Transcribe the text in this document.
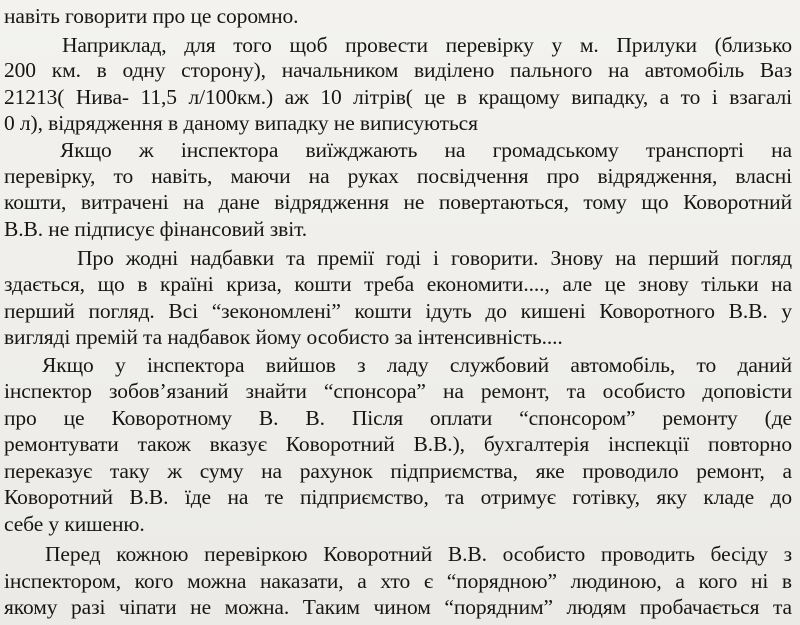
навіть говорити про це соромно.
Наприклад, для того щоб провести перевірку у м. Прилуки (близько
200 км. в одну сторону), начальником виділено пального на автомобіль Ваз
21213( Нива- 11,5 л/100км.) аж 10 літрів( це в кращому випадку, а то і взагалі
0 л), відрядження в даному випадку не виписуються
Якщо ж інспектора виїжджають на громадському транспорті на
перевірку, то навіть, маючи на руках посвідчення про відрядження, власні
кошти, витрачені на дане відрядження не повертаються, тому що Коворотний
В.В. не підписує фінансовий звіт.
Про жодні надбавки та премії годі і говорити. Знову на перший погляд
здається, що в країні криза, кошти треба економити...., але це знову тільки на
перший погляд. Всі “зекономлені” кошти ідуть до кишені Коворотного В.В. у
вигляді премій та надбавок йому особисто за інтенсивність....
Якщо у інспектора вийшов з ладу службовий автомобіль, то даний
інспектор зобов’язаний знайти “спонсора” на ремонт, та особисто доповісти
про це Коворотному В. В. Після оплати “спонсором” ремонту (де
ремонтувати також вказує Коворотний В.В.), бухгалтерія інспекції повторно
переказує таку ж суму на рахунок підприємства, яке проводило ремонт, а
Коворотний В.В. їде на те підприємство, та отримує готівку, яку кладе до
себе у кишеню.
Перед кожною перевіркою Коворотний В.В. особисто проводить бесіду з
інспектором, кого можна наказати, а хто є “порядною” людиною, а кого ні в
якому разі чіпати не можна. Таким чином “порядним” людям пробачається та
